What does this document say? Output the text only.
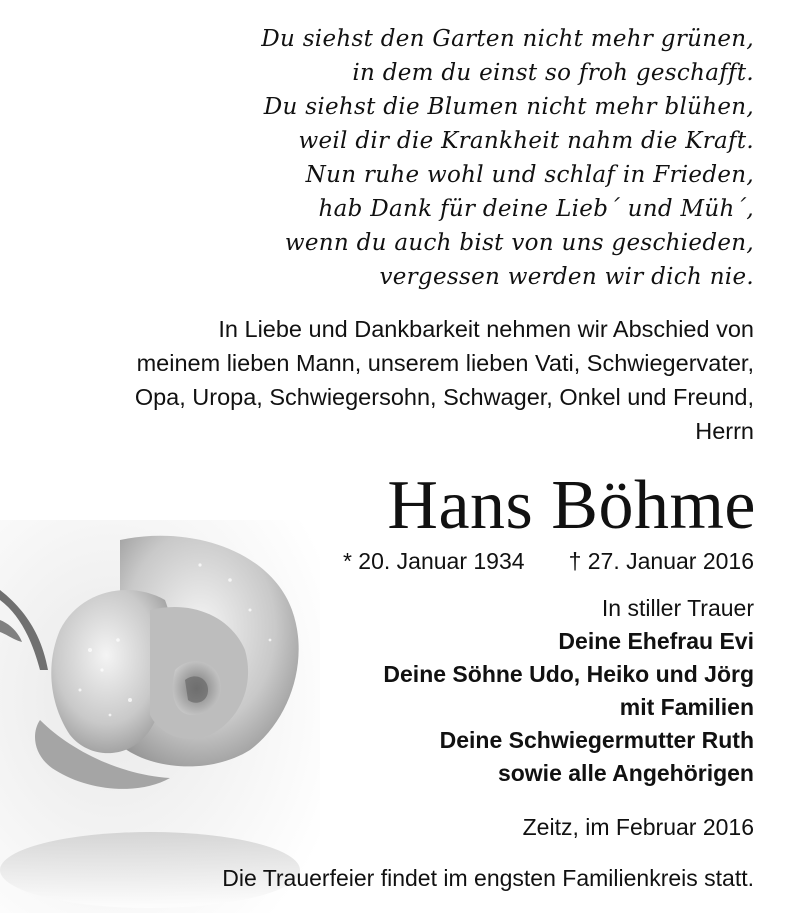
Du siehst den Garten nicht mehr grünen,
in dem du einst so froh geschafft.
Du siehst die Blumen nicht mehr blühen,
weil dir die Krankheit nahm die Kraft.
Nun ruhe wohl und schlaf in Frieden,
hab Dank für deine Lieb´ und Müh´,
wenn du auch bist von uns geschieden,
vergessen werden wir dich nie.
In Liebe und Dankbarkeit nehmen wir Abschied von
meinem lieben Mann, unserem lieben Vati, Schwiegervater,
Opa, Uropa, Schwiegersohn, Schwager, Onkel und Freund,
Herrn
Hans Böhme
* 20. Januar 1934 † 27. Januar 2016
In stiller Trauer
Deine Ehefrau Evi
Deine Söhne Udo, Heiko und Jörg
mit Familien
Deine Schwiegermutter Ruth
sowie alle Angehörigen
Zeitz, im Februar 2016
Die Trauerfeier findet im engsten Familienkreis statt.
